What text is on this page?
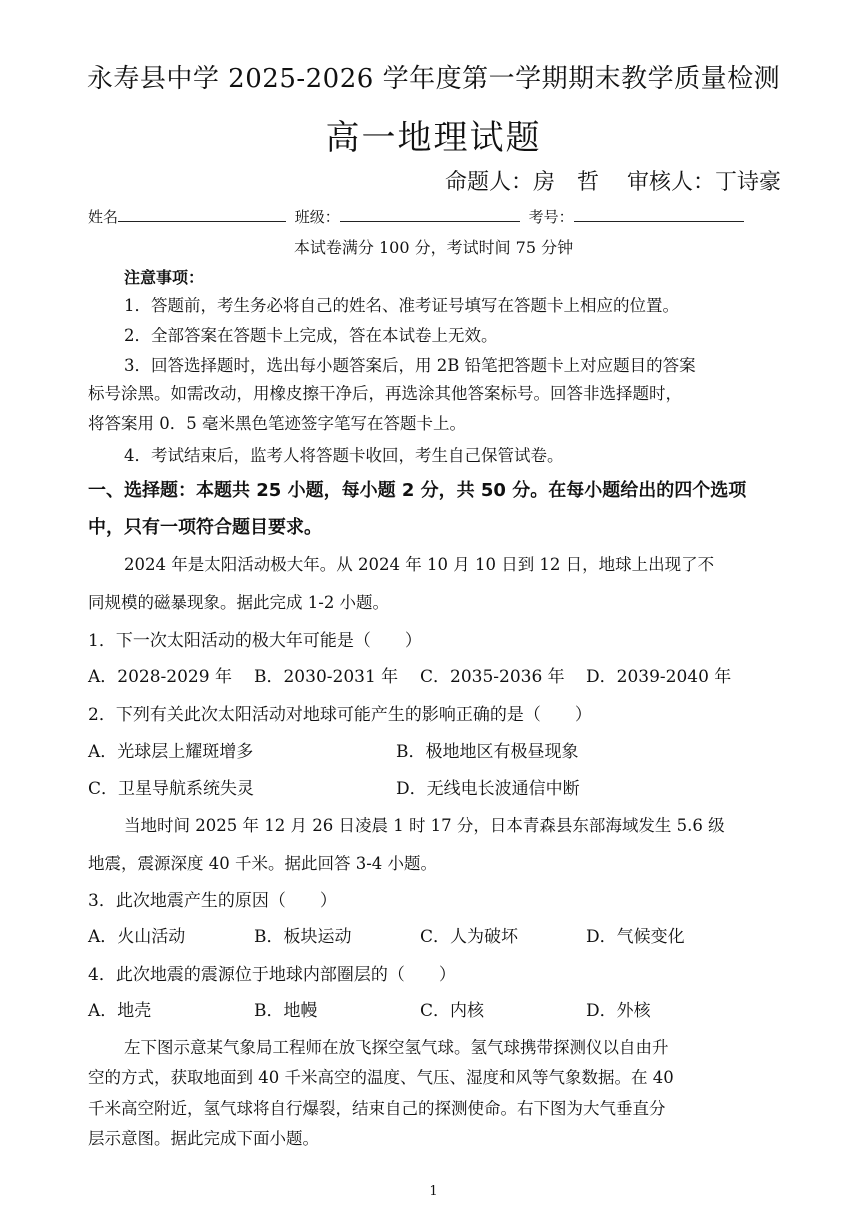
永寿县中学 2025-2026 学年度第一学期期末教学质量检测
高一地理试题
命题人：房　哲 审核人：丁诗豪
姓名	班级：	考号：
本试卷满分 100 分，考试时间 75 分钟
注意事项：
1．答题前，考生务必将自己的姓名、准考证号填写在答题卡上相应的位置。
2．全部答案在答题卡上完成，答在本试卷上无效。
3．回答选择题时，选出每小题答案后，用 2B 铅笔把答题卡上对应题目的答案
标号涂黑。如需改动，用橡皮擦干净后，再选涂其他答案标号。回答非选择题时，
将答案用 0．5 毫米黑色笔迹签字笔写在答题卡上。
4．考试结束后，监考人将答题卡收回，考生自己保管试卷。
一、选择题：本题共 25 小题，每小题 2 分，共 50 分。在每小题给出的四个选项
中，只有一项符合题目要求。
2024 年是太阳活动极大年。从 2024 年 10 月 10 日到 12 日，地球上出现了不
同规模的磁暴现象。据此完成 1-2 小题。
1．下一次太阳活动的极大年可能是（　　）
A．2028-2029 年 B．2030-2031 年 C．2035-2036 年 D．2039-2040 年
2．下列有关此次太阳活动对地球可能产生的影响正确的是（　　）
A．光球层上耀斑增多	B．极地地区有极昼现象
C．卫星导航系统失灵	D．无线电长波通信中断
当地时间 2025 年 12 月 26 日凌晨 1 时 17 分，日本青森县东部海域发生 5.6 级
地震，震源深度 40 千米。据此回答 3-4 小题。
3．此次地震产生的原因（　　）
A．火山活动	B．板块运动	C．人为破坏	D．气候变化
4．此次地震的震源位于地球内部圈层的（　　）
A．地壳	B．地幔	C．内核	D．外核
左下图示意某气象局工程师在放飞探空氢气球。氢气球携带探测仪以自由升
空的方式，获取地面到 40 千米高空的温度、气压、湿度和风等气象数据。在 40
千米高空附近，氢气球将自行爆裂，结束自己的探测使命。右下图为大气垂直分
层示意图。据此完成下面小题。
1
